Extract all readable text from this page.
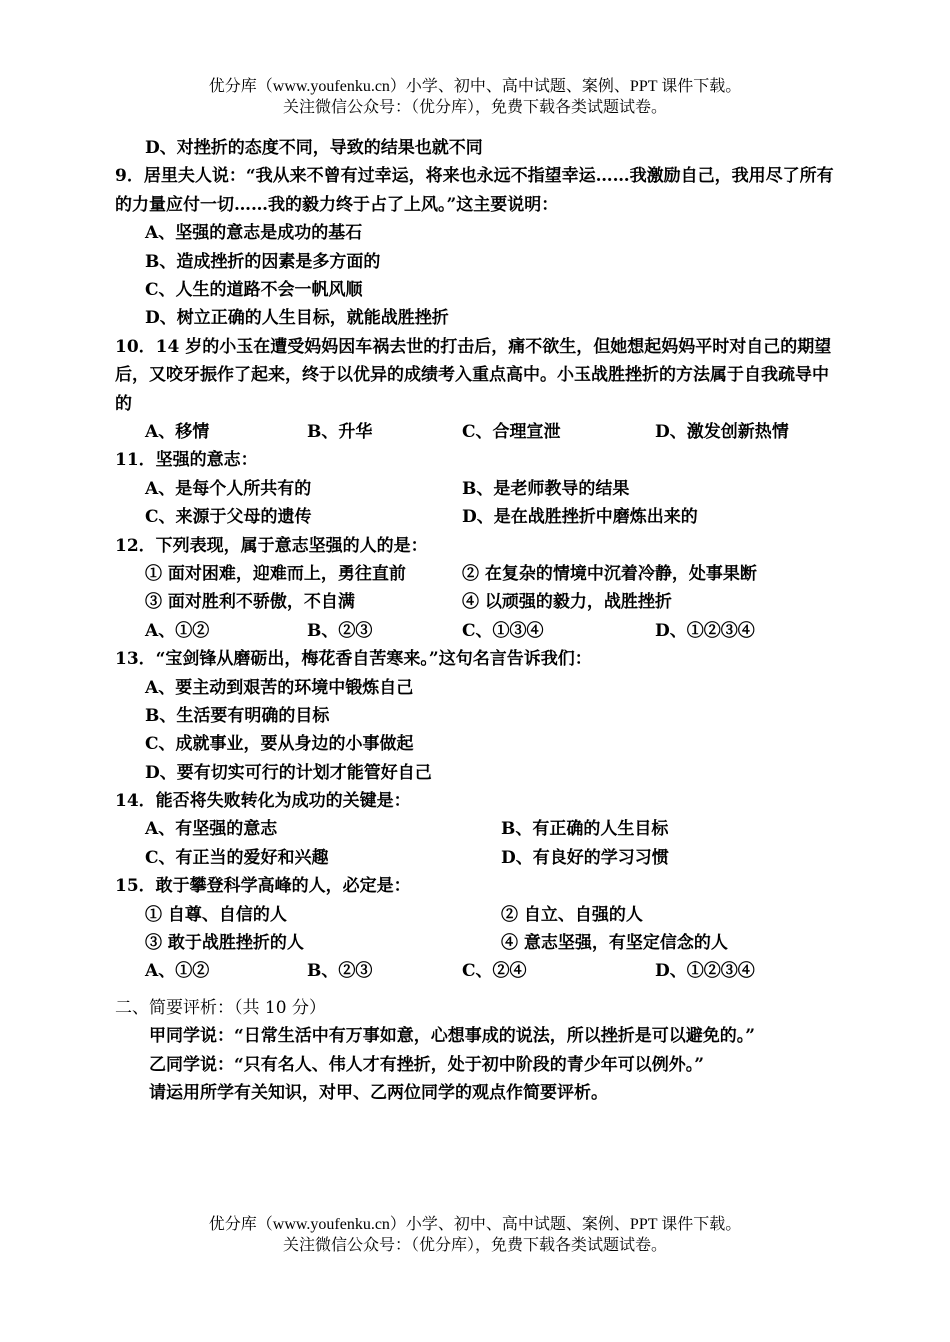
优分库（www.youfenku.cn）小学、初中、高中试题、案例、PPT 课件下载。
关注微信公众号：（优分库），免费下载各类试题试卷。
D、对挫折的态度不同，导致的结果也就不同
9．居里夫人说：“我从来不曾有过幸运，将来也永远不指望幸运……我激励自己，我用尽了所有的力量应付一切……我的毅力终于占了上风。”这主要说明：
A、坚强的意志是成功的基石
B、造成挫折的因素是多方面的
C、人生的道路不会一帆风顺
D、树立正确的人生目标，就能战胜挫折
10．14 岁的小玉在遭受妈妈因车祸去世的打击后，痛不欲生，但她想起妈妈平时对自己的期望后，又咬牙振作了起来，终于以优异的成绩考入重点高中。小玉战胜挫折的方法属于自我疏导中的
A、移情	B、升华	C、合理宣泄	D、激发创新热情
11．坚强的意志：
A、是每个人所共有的	B、是老师教导的结果
C、来源于父母的遗传	D、是在战胜挫折中磨炼出来的
12．下列表现，属于意志坚强的人的是：
① 面对困难，迎难而上，勇往直前	② 在复杂的情境中沉着冷静，处事果断
③ 面对胜利不骄傲，不自满	④ 以顽强的毅力，战胜挫折
A、①②	B、②③	C、①③④	D、①②③④
13．“宝剑锋从磨砺出，梅花香自苦寒来。”这句名言告诉我们：
A、要主动到艰苦的环境中锻炼自己
B、生活要有明确的目标
C、成就事业，要从身边的小事做起
D、要有切实可行的计划才能管好自己
14．能否将失败转化为成功的关键是：
A、有坚强的意志	B、有正确的人生目标
C、有正当的爱好和兴趣	D、有良好的学习习惯
15．敢于攀登科学高峰的人，必定是：
① 自尊、自信的人	② 自立、自强的人
③ 敢于战胜挫折的人	④ 意志坚强，有坚定信念的人
A、①②	B、②③	C、②④	D、①②③④
二、简要评析：（共 10 分）
甲同学说：“日常生活中有万事如意，心想事成的说法，所以挫折是可以避免的。”
乙同学说：“只有名人、伟人才有挫折，处于初中阶段的青少年可以例外。”
请运用所学有关知识，对甲、乙两位同学的观点作简要评析。
优分库（www.youfenku.cn）小学、初中、高中试题、案例、PPT 课件下载。
关注微信公众号：（优分库），免费下载各类试题试卷。
